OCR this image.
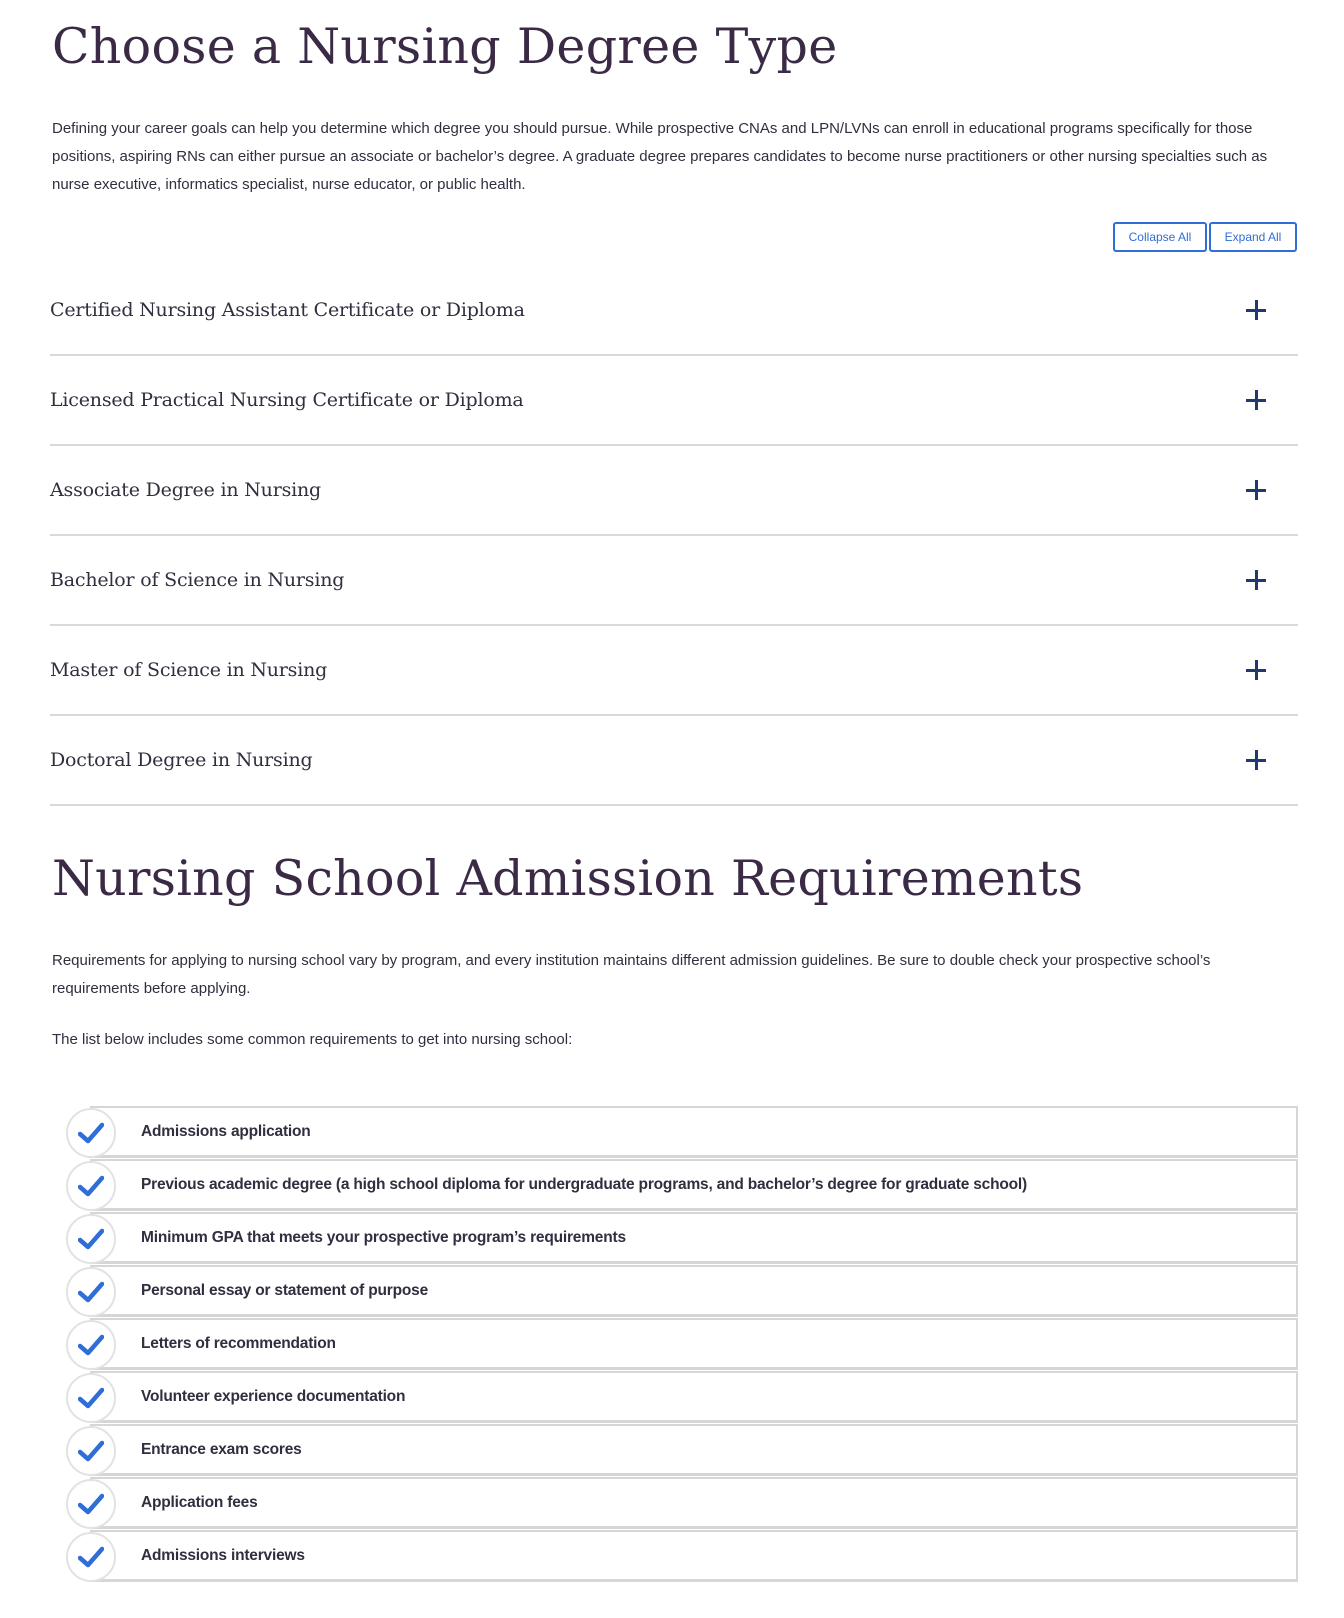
Choose a Nursing Degree Type

Defining your career goals can help you determine which degree you should pursue. While prospective CNAs and LPN/LVNs can enroll in educational programs specifically for those positions, aspiring RNs can either pursue an associate or bachelor’s degree. A graduate degree prepares candidates to become nurse practitioners or other nursing specialties such as nurse executive, informatics specialist, nurse educator, or public health.

Collapse All	Expand All
Certified Nursing Assistant Certificate or Diploma
Licensed Practical Nursing Certificate or Diploma
Associate Degree in Nursing
Bachelor of Science in Nursing
Master of Science in Nursing
Doctoral Degree in Nursing
Nursing School Admission Requirements

Requirements for applying to nursing school vary by program, and every institution maintains different admission guidelines. Be sure to double check your prospective school’s requirements before applying.

The list below includes some common requirements to get into nursing school:

Admissions application
Previous academic degree (a high school diploma for undergraduate programs, and bachelor’s degree for graduate school)
Minimum GPA that meets your prospective program’s requirements
Personal essay or statement of purpose
Letters of recommendation
Volunteer experience documentation
Entrance exam scores
Application fees
Admissions interviews
